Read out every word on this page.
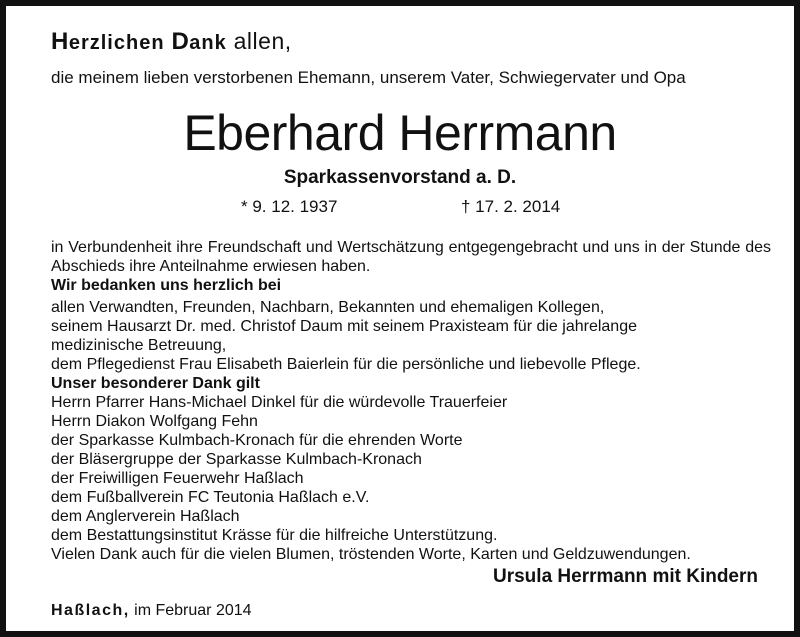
Herzlichen Dank allen,
die meinem lieben verstorbenen Ehemann, unserem Vater, Schwiegervater und Opa
Eberhard Herrmann
Sparkassenvorstand a. D.
* 9. 12. 1937	† 17. 2. 2014

in Verbundenheit ihre Freundschaft und Wertschätzung entgegengebracht und uns in der Stunde des Abschieds ihre Anteilnahme erwiesen haben.

Wir bedanken uns herzlich bei

allen Verwandten, Freunden, Nachbarn, Bekannten und ehemaligen Kollegen,

seinem Hausarzt Dr. med. Christof Daum mit seinem Praxisteam für die jahrelange

medizinische Betreuung,

dem Pflegedienst Frau Elisabeth Baierlein für die persönliche und liebevolle Pflege.

Unser besonderer Dank gilt

Herrn Pfarrer Hans-Michael Dinkel für die würdevolle Trauerfeier

Herrn Diakon Wolfgang Fehn

der Sparkasse Kulmbach-Kronach für die ehrenden Worte

der Bläsergruppe der Sparkasse Kulmbach-Kronach

der Freiwilligen Feuerwehr Haßlach

dem Fußballverein FC Teutonia Haßlach e.V.

dem Anglerverein Haßlach

dem Bestattungsinstitut Krässe für die hilfreiche Unterstützung.

Vielen Dank auch für die vielen Blumen, tröstenden Worte, Karten und Geldzuwendungen.

Ursula Herrmann mit Kindern
Haßlach, im Februar 2014
